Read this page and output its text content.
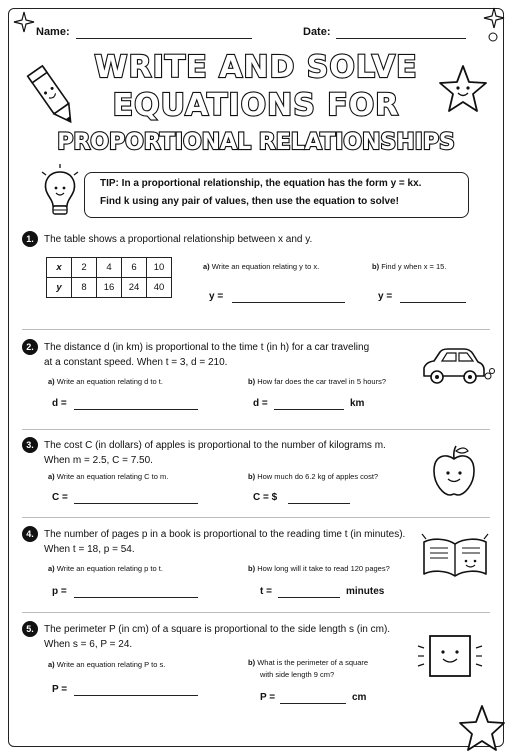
Name:	Date:
WRITE AND SOLVE
EQUATIONS FOR
PROPORTIONAL RELATIONSHIPS
TIP: In a proportional relationship, the equation has the form y = kx.
Find k using any pair of values, then use the equation to solve!
1.	The table shows a proportional relationship between x and y.
x	2	4	6	10
y	8	16	24	40
a) Write an equation relating y to x.	b) Find y when x = 15.
y =	y =
2.	The distance d (in km) is proportional to the time t (in h) for a car traveling
at a constant speed. When t = 3, d = 210.
a) Write an equation relating d to t.	b) How far does the car travel in 5 hours?
d =	d =	km
3.	The cost C (in dollars) of apples is proportional to the number of kilograms m.
When m = 2.5, C = 7.50.
a) Write an equation relating C to m.	b) How much do 6.2 kg of apples cost?
C =	C = $
4.	The number of pages p in a book is proportional to the reading time t (in minutes).
When t = 18, p = 54.
a) Write an equation relating p to t.	b) How long will it take to read 120 pages?
p =	t =	minutes
5.	The perimeter P (in cm) of a square is proportional to the side length s (in cm).
When s = 6, P = 24.
a) Write an equation relating P to s.	b) What is the perimeter of a square
with side length 9 cm?
P =
P =	cm
